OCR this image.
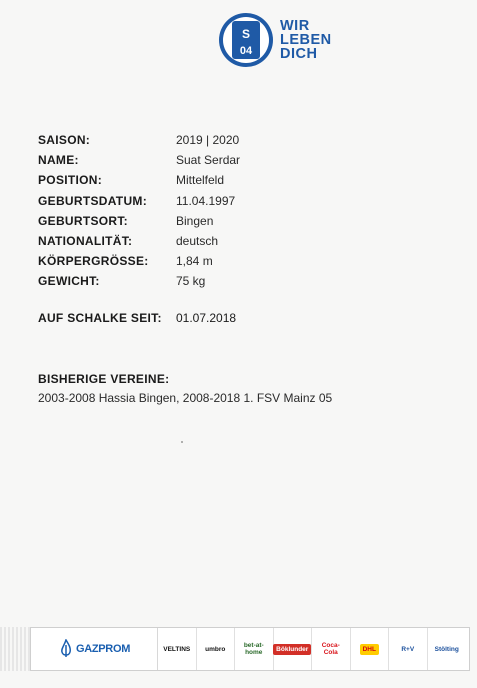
S
04
WIR
LEBEN
DICH
SAISON:	2019 | 2020
NAME:	Suat Serdar
POSITION:	Mittelfeld
GEBURTSDATUM:	11.04.1997
GEBURTSORT:	Bingen
NATIONALITÄT:	deutsch
KÖRPERGRÖSSE:	1,84 m
GEWICHT:	75 kg
AUF SCHALKE SEIT:	01.07.2018
BISHERIGE VEREINE:
2003-2008 Hassia Bingen, 2008-2018 1. FSV Mainz 05
GAZPROM	VELTINS	umbro	bet-at-home	Böklunder	Coca-Cola	DHL	R+V	Stölting
